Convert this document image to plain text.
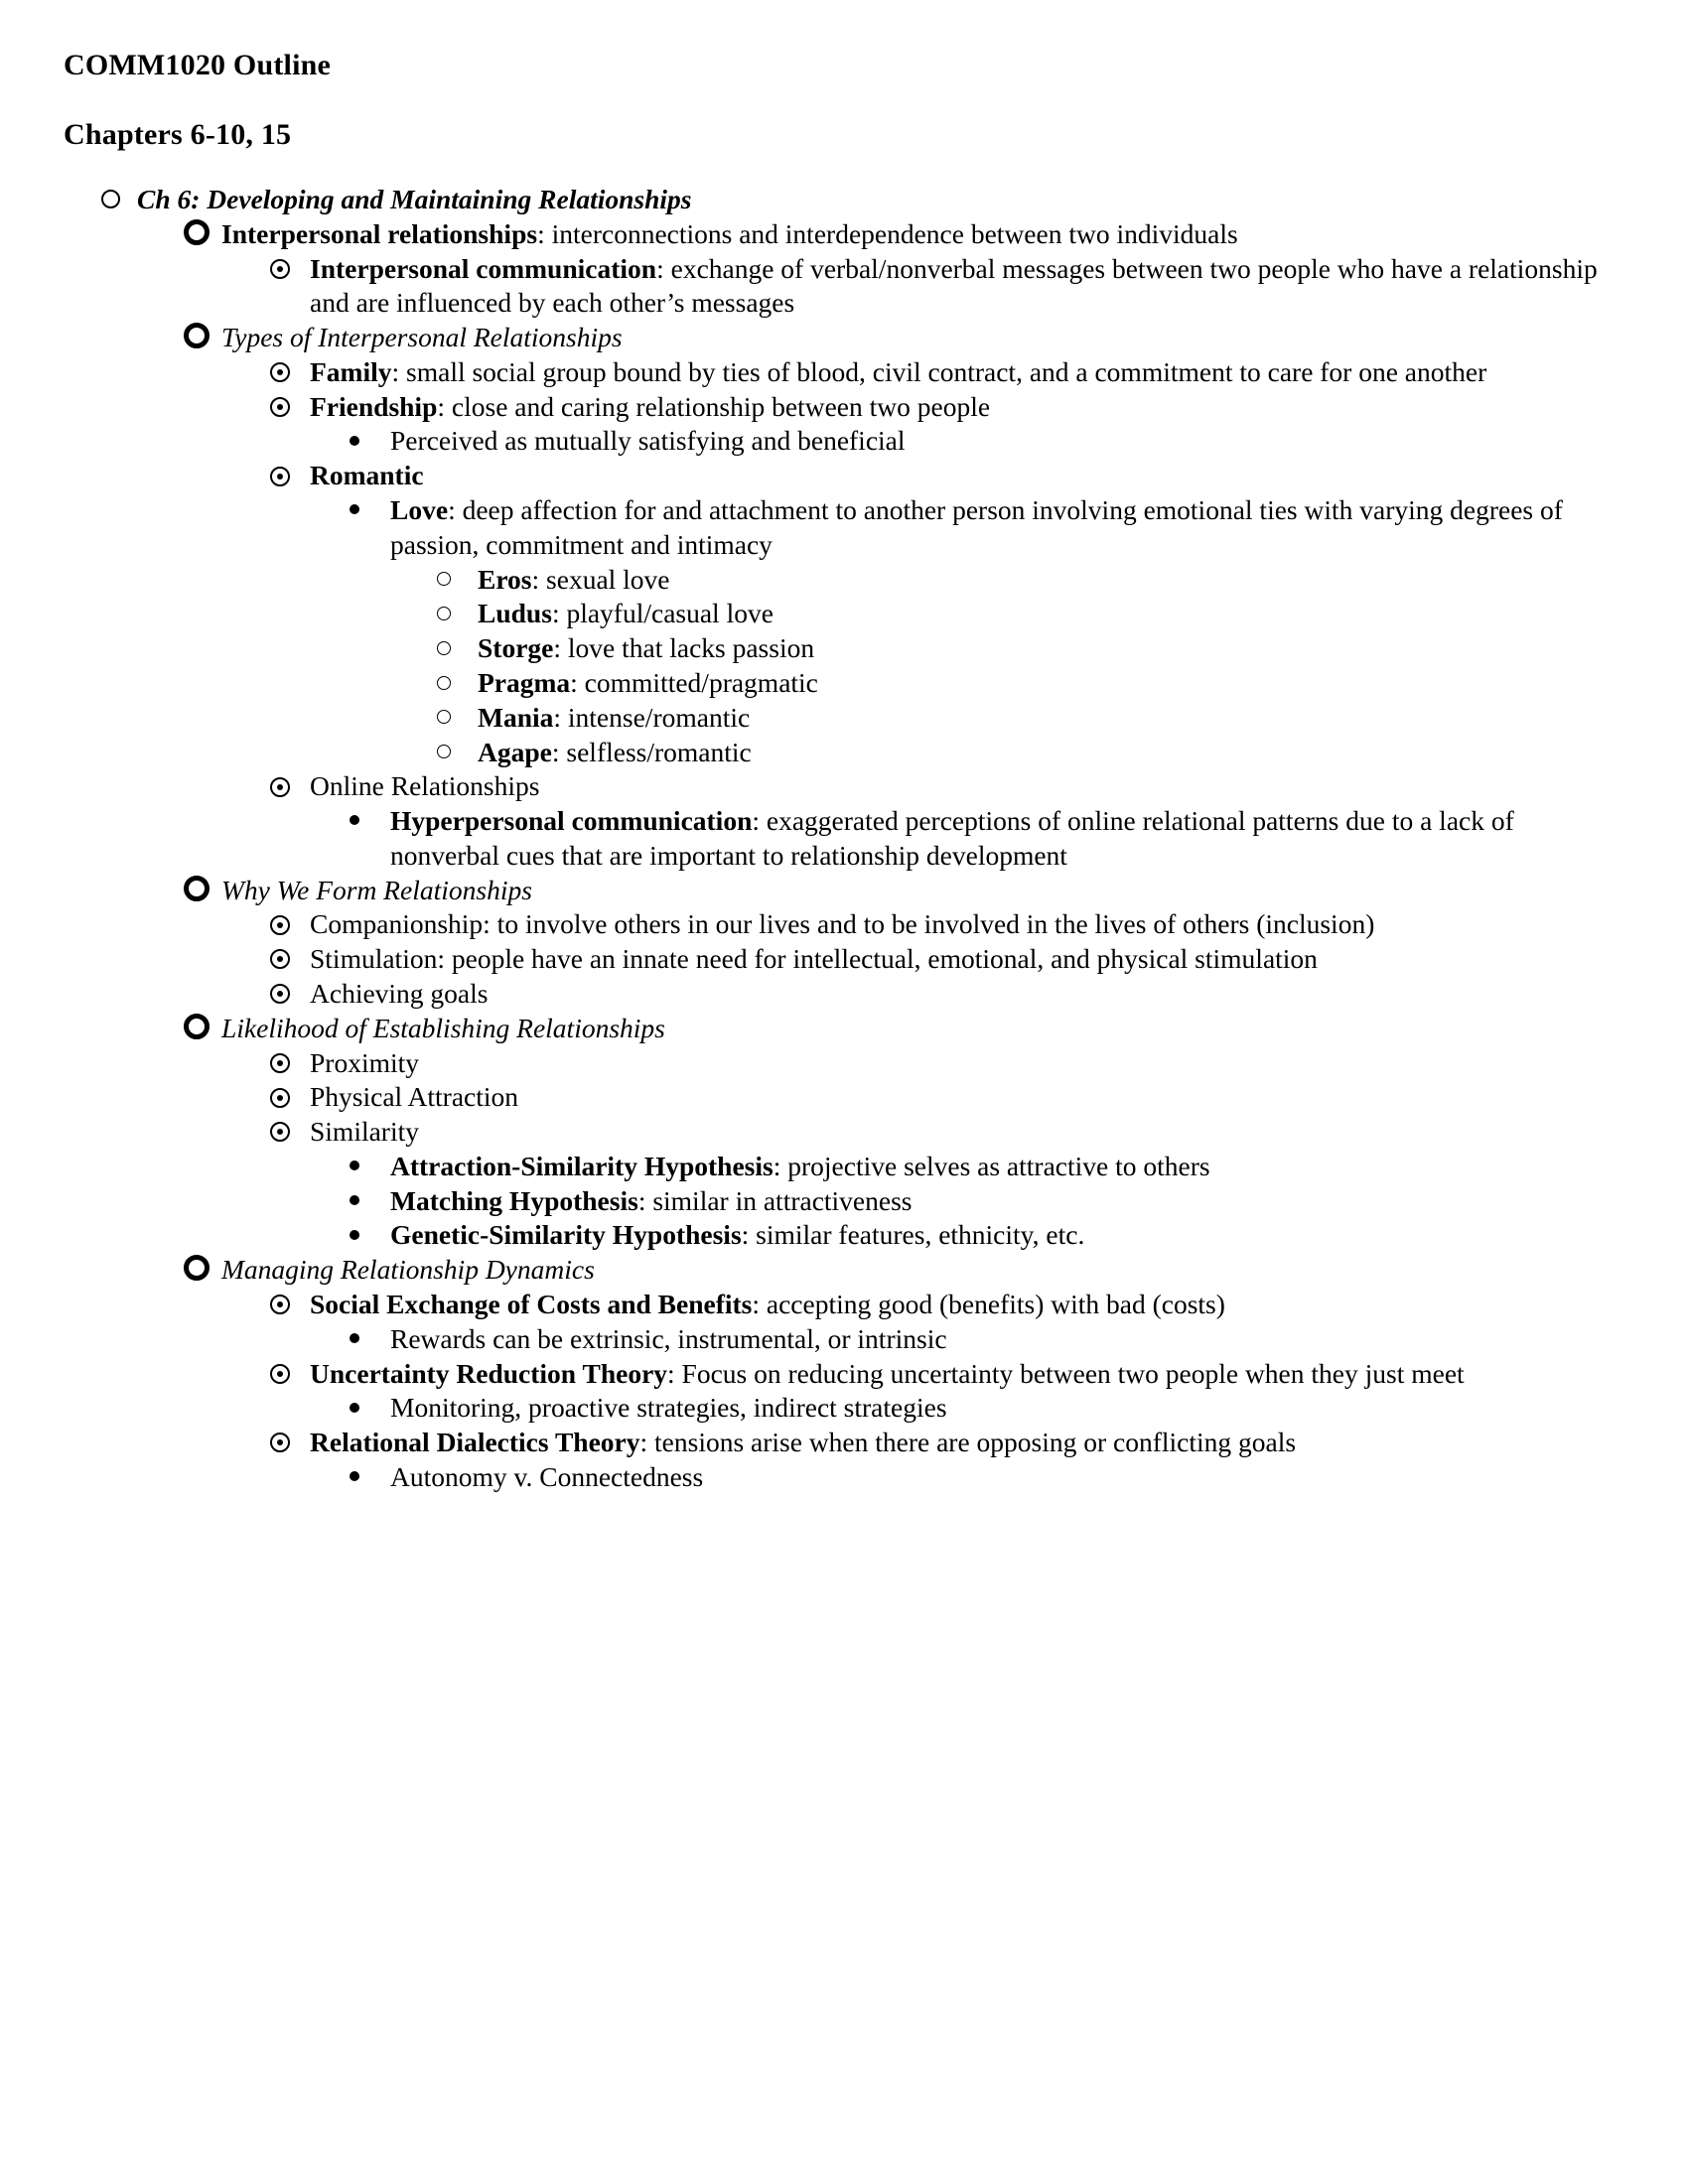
COMM1020 Outline
Chapters 6-10, 15
Ch 6: Developing and Maintaining Relationships
Interpersonal relationships: interconnections and interdependence between two individuals
Interpersonal communication: exchange of verbal/nonverbal messages between two people who have a relationship and are influenced by each other’s messages
Types of Interpersonal Relationships
Family: small social group bound by ties of blood, civil contract, and a commitment to care for one another
Friendship: close and caring relationship between two people
Perceived as mutually satisfying and beneficial
Romantic
Love: deep affection for and attachment to another person involving emotional ties with varying degrees of passion, commitment and intimacy
Eros: sexual love
Ludus: playful/casual love
Storge: love that lacks passion
Pragma: committed/pragmatic
Mania: intense/romantic
Agape: selfless/romantic
Online Relationships
Hyperpersonal communication: exaggerated perceptions of online relational patterns due to a lack of nonverbal cues that are important to relationship development
Why We Form Relationships
Companionship: to involve others in our lives and to be involved in the lives of others (inclusion)
Stimulation: people have an innate need for intellectual, emotional, and physical stimulation
Achieving goals
Likelihood of Establishing Relationships
Proximity
Physical Attraction
Similarity
Attraction-Similarity Hypothesis: projective selves as attractive to others
Matching Hypothesis: similar in attractiveness
Genetic-Similarity Hypothesis: similar features, ethnicity, etc.
Managing Relationship Dynamics
Social Exchange of Costs and Benefits: accepting good (benefits) with bad (costs)
Rewards can be extrinsic, instrumental, or intrinsic
Uncertainty Reduction Theory: Focus on reducing uncertainty between two people when they just meet
Monitoring, proactive strategies, indirect strategies
Relational Dialectics Theory: tensions arise when there are opposing or conflicting goals
Autonomy v. Connectedness
